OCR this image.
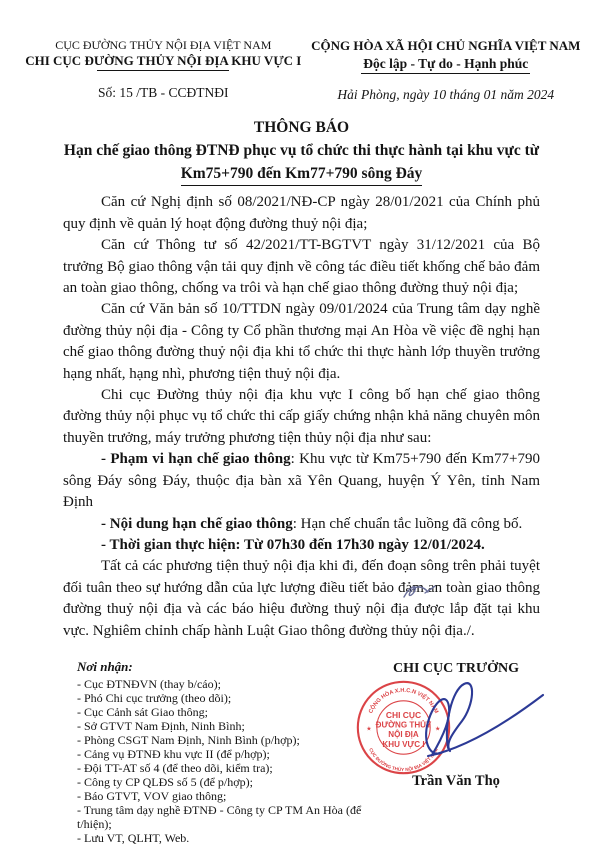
CỤC ĐƯỜNG THỦY NỘI ĐỊA VIỆT NAM
CHI CỤC ĐƯỜNG THỦY NỘI ĐỊA KHU VỰC I
Số: 15 /TB - CCĐTNĐI
CỘNG HÒA XÃ HỘI CHỦ NGHĨA VIỆT NAM
Độc lập - Tự do - Hạnh phúc
Hải Phòng, ngày 10 tháng 01 năm 2024
THÔNG BÁO
Hạn chế giao thông ĐTNĐ phục vụ tổ chức thi thực hành tại khu vực từ
Km75+790 đến Km77+790 sông Đáy

Căn cứ Nghị định số 08/2021/NĐ-CP ngày 28/01/2021 của Chính phủ quy định về quản lý hoạt động đường thuỷ nội địa;

Căn cứ Thông tư số 42/2021/TT-BGTVT ngày 31/12/2021 của Bộ trưởng Bộ giao thông vận tải quy định về công tác điều tiết khống chế bảo đảm an toàn giao thông, chống va trôi và hạn chế giao thông đường thuỷ nội địa;

Căn cứ Văn bản số 10/TTDN ngày 09/01/2024 của Trung tâm dạy nghề đường thủy nội địa - Công ty Cổ phần thương mại An Hòa về việc đề nghị hạn chế giao thông đường thuỷ nội địa khi tổ chức thi thực hành lớp thuyền trưởng hạng nhất, hạng nhì, phương tiện thuỷ nội địa.

Chi cục Đường thủy nội địa khu vực I công bố hạn chế giao thông đường thủy nội phục vụ tổ chức thi cấp giấy chứng nhận khả năng chuyên môn thuyền trưởng, máy trưởng phương tiện thủy nội địa như sau:

- Phạm vi hạn chế giao thông: Khu vực từ Km75+790 đến Km77+790 sông Đáy sông Đáy, thuộc địa bàn xã Yên Quang, huyện Ý Yên, tỉnh Nam Định

- Nội dung hạn chế giao thông: Hạn chế chuẩn tắc luồng đã công bố.

- Thời gian thực hiện: Từ 07h30 đến 17h30 ngày 12/01/2024.

Tất cả các phương tiện thuỷ nội địa khi đi, đến đoạn sông trên phải tuyệt đối tuân theo sự hướng dẫn của lực lượng điều tiết bảo đảm an toàn giao thông đường thuỷ nội địa và các báo hiệu đường thuỷ nội địa được lắp đặt tại khu vực. Nghiêm chỉnh chấp hành Luật Giao thông đường thủy nội địa./.

Nơi nhận:
- Cục ĐTNĐVN (thay b/cáo);
- Phó Chi cục trưởng (theo dõi);
- Cục Cảnh sát Giao thông;
- Sở GTVT Nam Định, Ninh Bình;
- Phòng CSGT Nam Định, Ninh Bình (p/hợp);
- Cảng vụ ĐTNĐ khu vực II (để p/hợp);
- Đội TT-AT số 4 (để theo dõi, kiểm tra);
- Công ty CP QLĐS số 5 (để p/hợp);
- Báo GTVT, VOV giao thông;
- Trung tâm dạy nghề ĐTNĐ - Công ty CP TM An Hòa (để t/hiện);
- Lưu VT, QLHT, Web.
CHI CỤC TRƯỞNG
CỘNG HÒA X.H.C.N VIỆT NAM
CỤC ĐƯỜNG THỦY NỘI ĐỊA VIỆT NAM
★	★
CHI CỤC
ĐƯỜNG THỦY
NỘI ĐỊA
KHU VỰC I
Trần Văn Thọ
